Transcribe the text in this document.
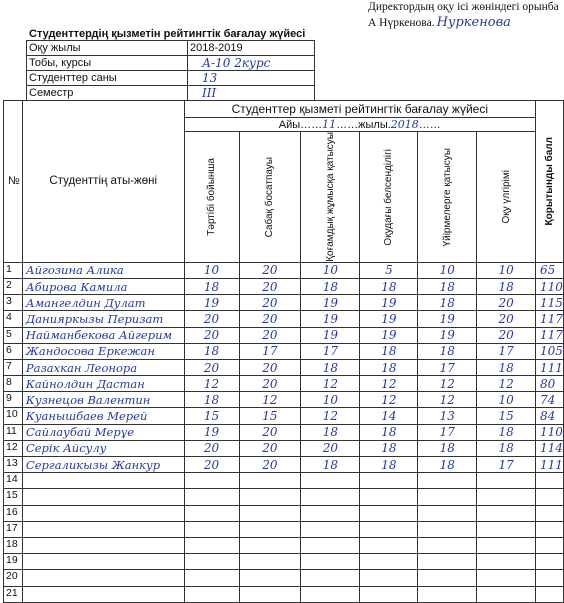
Директордың оқу ісі жөніндегі орынба
А Нүркенова. Нуркенова
Студенттердің қызметін рейтингтік бағалау жүйесі
Оқу жылы	2018-2019
Тобы, курсы	А-10 2курс
Студенттер саны	13
Семестр	ІІІ
№	Студенттің аты-жөні	Студенттер қызметі рейтингтік бағалау жүйесі						Қорытынды балл

		Айы……11……жылы.2018……						

		Тәртібі бойынша	Сабақ босатпауы	Қоғамдық жұмысқа қатысуы	Оқудағы белсенділігі	Үйірмелерге қатысуы	Оқу үлгірімі	

1	Айгозина Алика	10	20	10	5	10	10	65
2	Абирова Камила	18	20	18	18	18	18	110
3	Амангелдин Дулат	19	20	19	19	18	20	115
4	Данияркызы Перизат	20	20	19	19	19	20	117
5	Найманбекова Айгерим	20	20	19	19	19	20	117
6	Жандосова Еркежан	18	17	17	18	18	17	105
7	Разахкан Леонора	20	20	18	18	17	18	111
8	Кайнолдин Дастан	12	20	12	12	12	12	80
9	Кузнецов Валентин	18	12	10	12	12	10	74
10	Куанышбаев Мерей	15	15	12	14	13	15	84
11	Сайлаубай Мерұе	19	20	18	18	17	18	110
12	Серік Айсулу	20	20	20	18	18	18	114
13	Сергаликызы Жанкур	20	20	18	18	18	17	111
14								
15								
16								
17								
18								
19								
20								
21								
